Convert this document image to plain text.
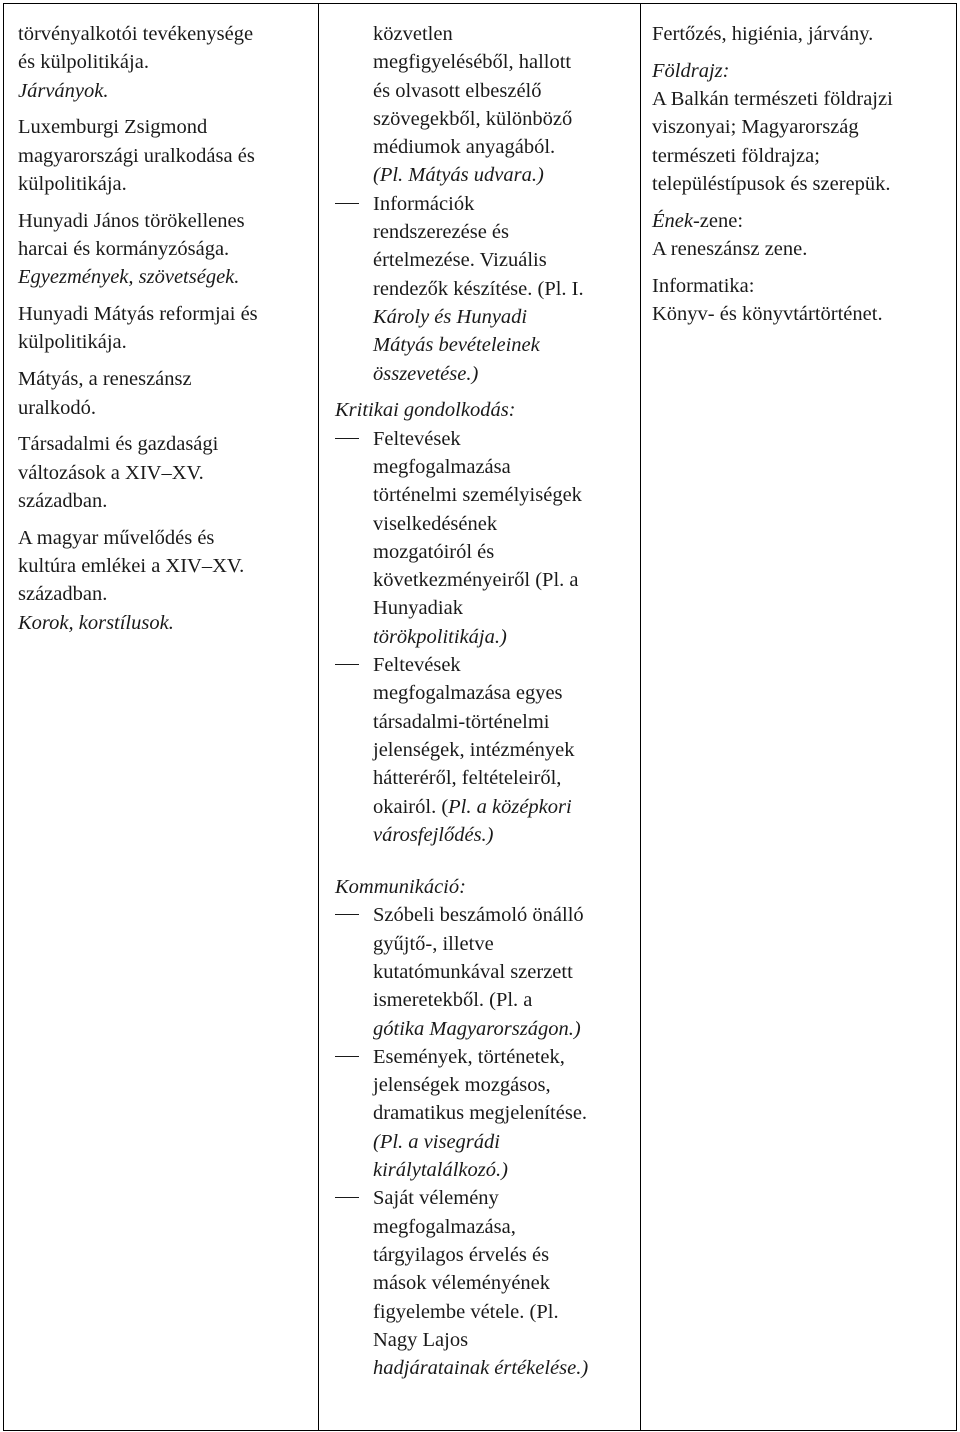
törvényalkotói tevékenysége
és külpolitikája.
Járványok.
Luxemburgi Zsigmond
magyarországi uralkodása és
külpolitikája.
Hunyadi János törökellenes
harcai és kormányzósága.
Egyezmények, szövetségek.
Hunyadi Mátyás reformjai és
külpolitikája.
Mátyás, a reneszánsz
uralkodó.
Társadalmi és gazdasági
változások a XIV‒XV.
században.
A magyar művelődés és
kultúra emlékei a XIV‒XV.
században.
Korok, korstílusok.
közvetlen
megfigyeléséből, hallott
és olvasott elbeszélő
szövegekből, különböző
médiumok anyagából.
(Pl. Mátyás udvara.)
Információk
rendszerezése és
értelmezése. Vizuális
rendezők készítése. (Pl. I.
Károly és Hunyadi
Mátyás bevételeinek
összevetése.)
Kritikai gondolkodás:
Feltevések
megfogalmazása
történelmi személyiségek
viselkedésének
mozgatóiról és
következményeiről (Pl. a
Hunyadiak
törökpolitikája.)
Feltevések
megfogalmazása egyes
társadalmi-történelmi
jelenségek, intézmények
hátteréről, feltételeiről,
okairól. (Pl. a középkori
városfejlődés.)
Kommunikáció:
Szóbeli beszámoló önálló
gyűjtő-, illetve
kutatómunkával szerzett
ismeretekből. (Pl. a
gótika Magyarországon.)
Események, történetek,
jelenségek mozgásos,
dramatikus megjelenítése.
(Pl. a visegrádi
királytalálkozó.)
Saját vélemény
megfogalmazása,
tárgyilagos érvelés és
mások véleményének
figyelembe vétele. (Pl.
Nagy Lajos
hadjáratainak értékelése.)
Fertőzés, higiénia, járvány.
Földrajz:
A Balkán természeti földrajzi
viszonyai; Magyarország
természeti földrajza;
településtípusok és szerepük.
Ének-zene:
A reneszánsz zene.
Informatika:
Könyv- és könyvtártörténet.
